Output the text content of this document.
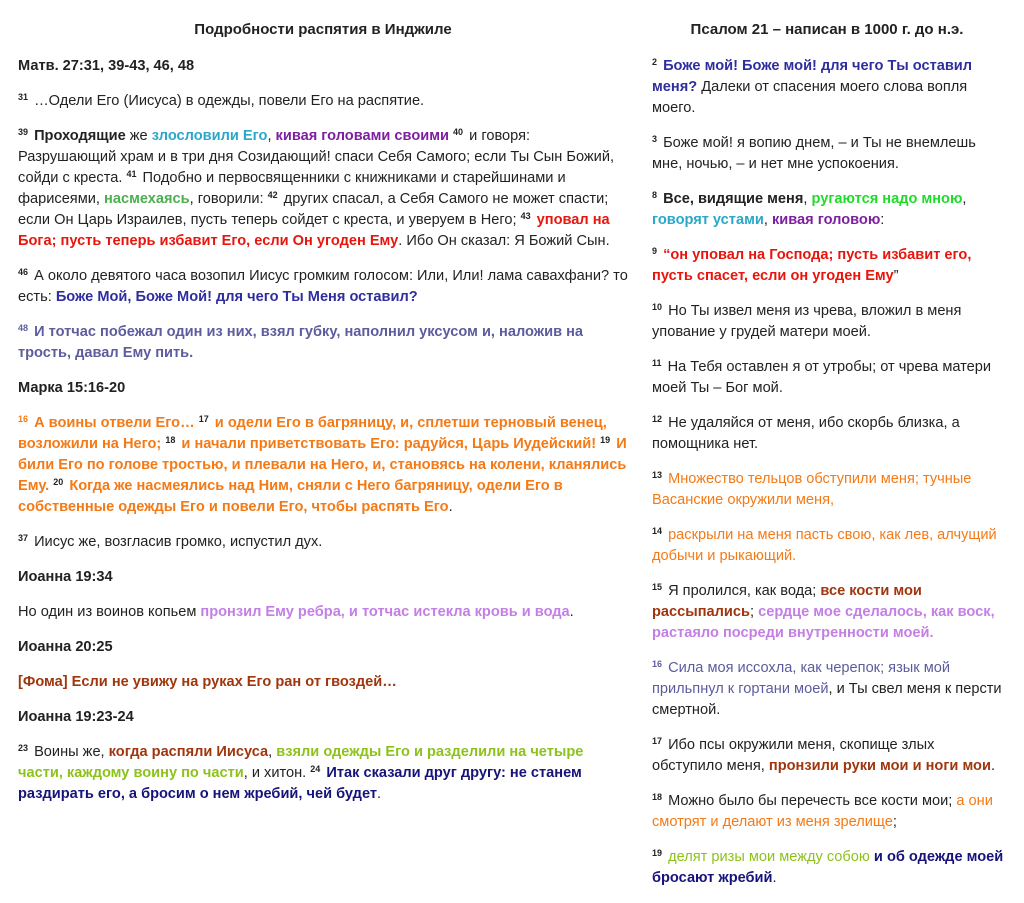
Подробности распятия в Инджиле
Матв. 27:31, 39-43, 46, 48
$^{31}$ …Одели Его (Иисуса) в одежды, повели Его на распятие.
$^{39}$ Проходящие же злословили Его, кивая головами своими $^{40}$ и говоря: Разрушающий храм и в три дня Созидающий! спаси Себя Самого; если Ты Сын Божий, сойди с креста. $^{41}$ Подобно и первосвященники с книжниками и старейшинами и фарисеями, насмехаясь, говорили: $^{42}$ других спасал, а Себя Самого не может спасти; если Он Царь Израилев, пусть теперь сойдет с креста, и уверуем в Него; $^{43}$ уповал на Бога; пусть теперь избавит Его, если Он угоден Ему. Ибо Он сказал: Я Божий Сын.
$^{46}$ А около девятого часа возопил Иисус громким голосом: Или, Или! лама савахфани? то есть: Боже Мой, Боже Мой! для чего Ты Меня оставил?
$^{48}$ И тотчас побежал один из них, взял губку, наполнил уксусом и, наложив на трость, давал Ему пить.
Марка 15:16-20
$^{16}$ А воины отвели Его… $^{17}$ и одели Его в багряницу, и, сплетши терновый венец, возложили на Него; $^{18}$ и начали приветствовать Его: радуйся, Царь Иудейский! $^{19}$ И били Его по голове тростью, и плевали на Него, и, становясь на колени, кланялись Ему. $^{20}$ Когда же насмеялись над Ним, сняли с Него багряницу, одели Его в собственные одежды Его и повели Его, чтобы распять Его.
$^{37}$ Иисус же, возгласив громко, испустил дух.
Иоанна 19:34
Но один из воинов копьем пронзил Ему ребра, и тотчас истекла кровь и вода.
Иоанна 20:25
[Фома] Если не увижу на руках Его ран от гвоздей…
Иоанна 19:23-24
$^{23}$ Воины же, когда распяли Иисуса, взяли одежды Его и разделили на четыре части, каждому воину по части, и хитон. $^{24}$ Итак сказали друг другу: не станем раздирать его, а бросим о нем жребий, чей будет.
Псалом 21 – написан в 1000 г. до н.э.
$^2$ Боже мой! Боже мой! для чего Ты оставил меня? Далеки от спасения моего слова вопля моего.
$^3$ Боже мой! я вопию днем, – и Ты не внемлешь мне, ночью, – и нет мне успокоения.
$^8$ Все, видящие меня, ругаются надо мною, говорят устами, кивая головою:
$^9$ “он уповал на Господа; пусть избавит его, пусть спасет, если он угоден Ему”
$^{10}$ Но Ты извел меня из чрева, вложил в меня упование у грудей матери моей.
$^{11}$ На Тебя оставлен я от утробы; от чрева матери моей Ты – Бог мой.
$^{12}$ Не удаляйся от меня, ибо скорбь близка, а помощника нет.
$^{13}$ Множество тельцов обступили меня; тучные Васанские окружили меня,
$^{14}$ раскрыли на меня пасть свою, как лев, алчущий добычи и рыкающий.
$^{15}$ Я пролился, как вода; все кости мои рассыпались; сердце мое сделалось, как воск, растаяло посреди внутренности моей.
$^{16}$ Сила моя иссохла, как черепок; язык мой прильпнул к гортани моей, и Ты свел меня к персти смертной.
$^{17}$ Ибо псы окружили меня, скопище злых обступило меня, пронзили руки мои и ноги мои.
$^{18}$ Можно было бы перечесть все кости мои; а они смотрят и делают из меня зрелище;
$^{19}$ делят ризы мои между собою и об одежде моей бросают жребий.
